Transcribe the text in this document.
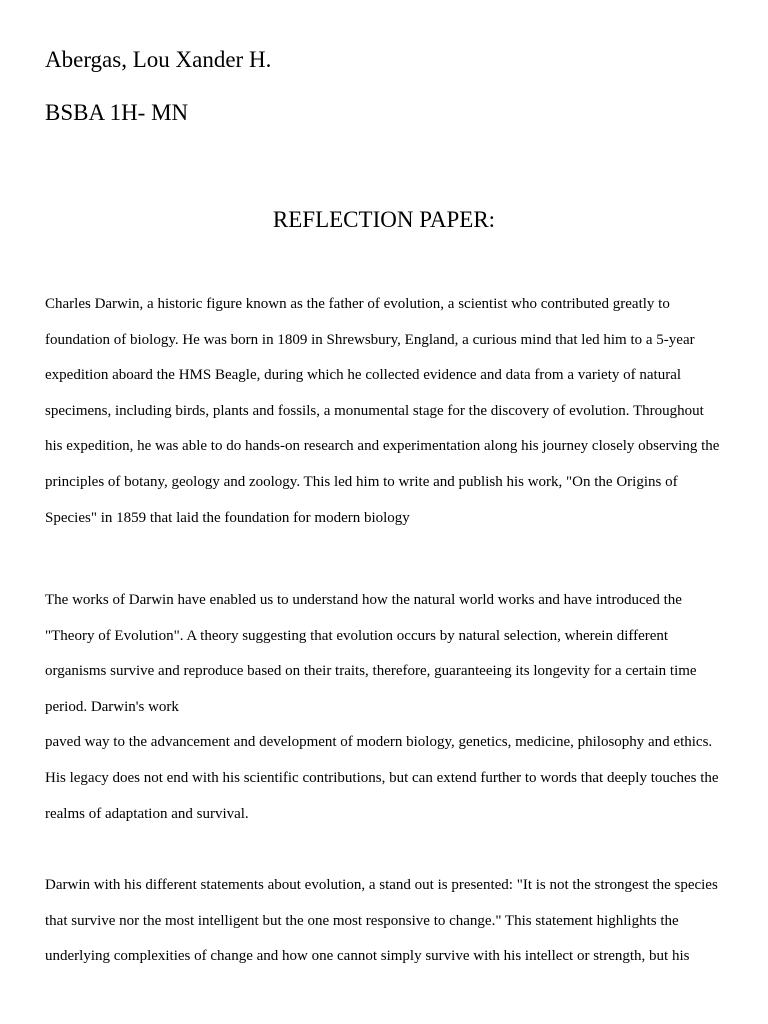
Abergas, Lou Xander H.
BSBA 1H- MN
REFLECTION PAPER:
Charles Darwin, a historic figure known as the father of evolution, a scientist who contributed greatly to
foundation of biology. He was born in 1809 in Shrewsbury, England, a curious mind that led him to a 5-year
expedition aboard the HMS Beagle, during which he collected evidence and data from a variety of natural
specimens, including birds, plants and fossils, a monumental stage for the discovery of evolution. Throughout
his expedition, he was able to do hands-on research and experimentation along his journey closely observing the
principles of botany, geology and zoology. This led him to write and publish his work, "On the Origins of
Species" in 1859 that laid the foundation for modern biology
The works of Darwin have enabled us to understand how the natural world works and have introduced the
"Theory of Evolution". A theory suggesting that evolution occurs by natural selection, wherein different
organisms survive and reproduce based on their traits, therefore, guaranteeing its longevity for a certain time
period. Darwin's work
paved way to the advancement and development of modern biology, genetics, medicine, philosophy and ethics.
His legacy does not end with his scientific contributions, but can extend further to words that deeply touches the
realms of adaptation and survival.
Darwin with his different statements about evolution, a stand out is presented: "It is not the strongest the species
that survive nor the most intelligent but the one most responsive to change." This statement highlights the
underlying complexities of change and how one cannot simply survive with his intellect or strength, but his
